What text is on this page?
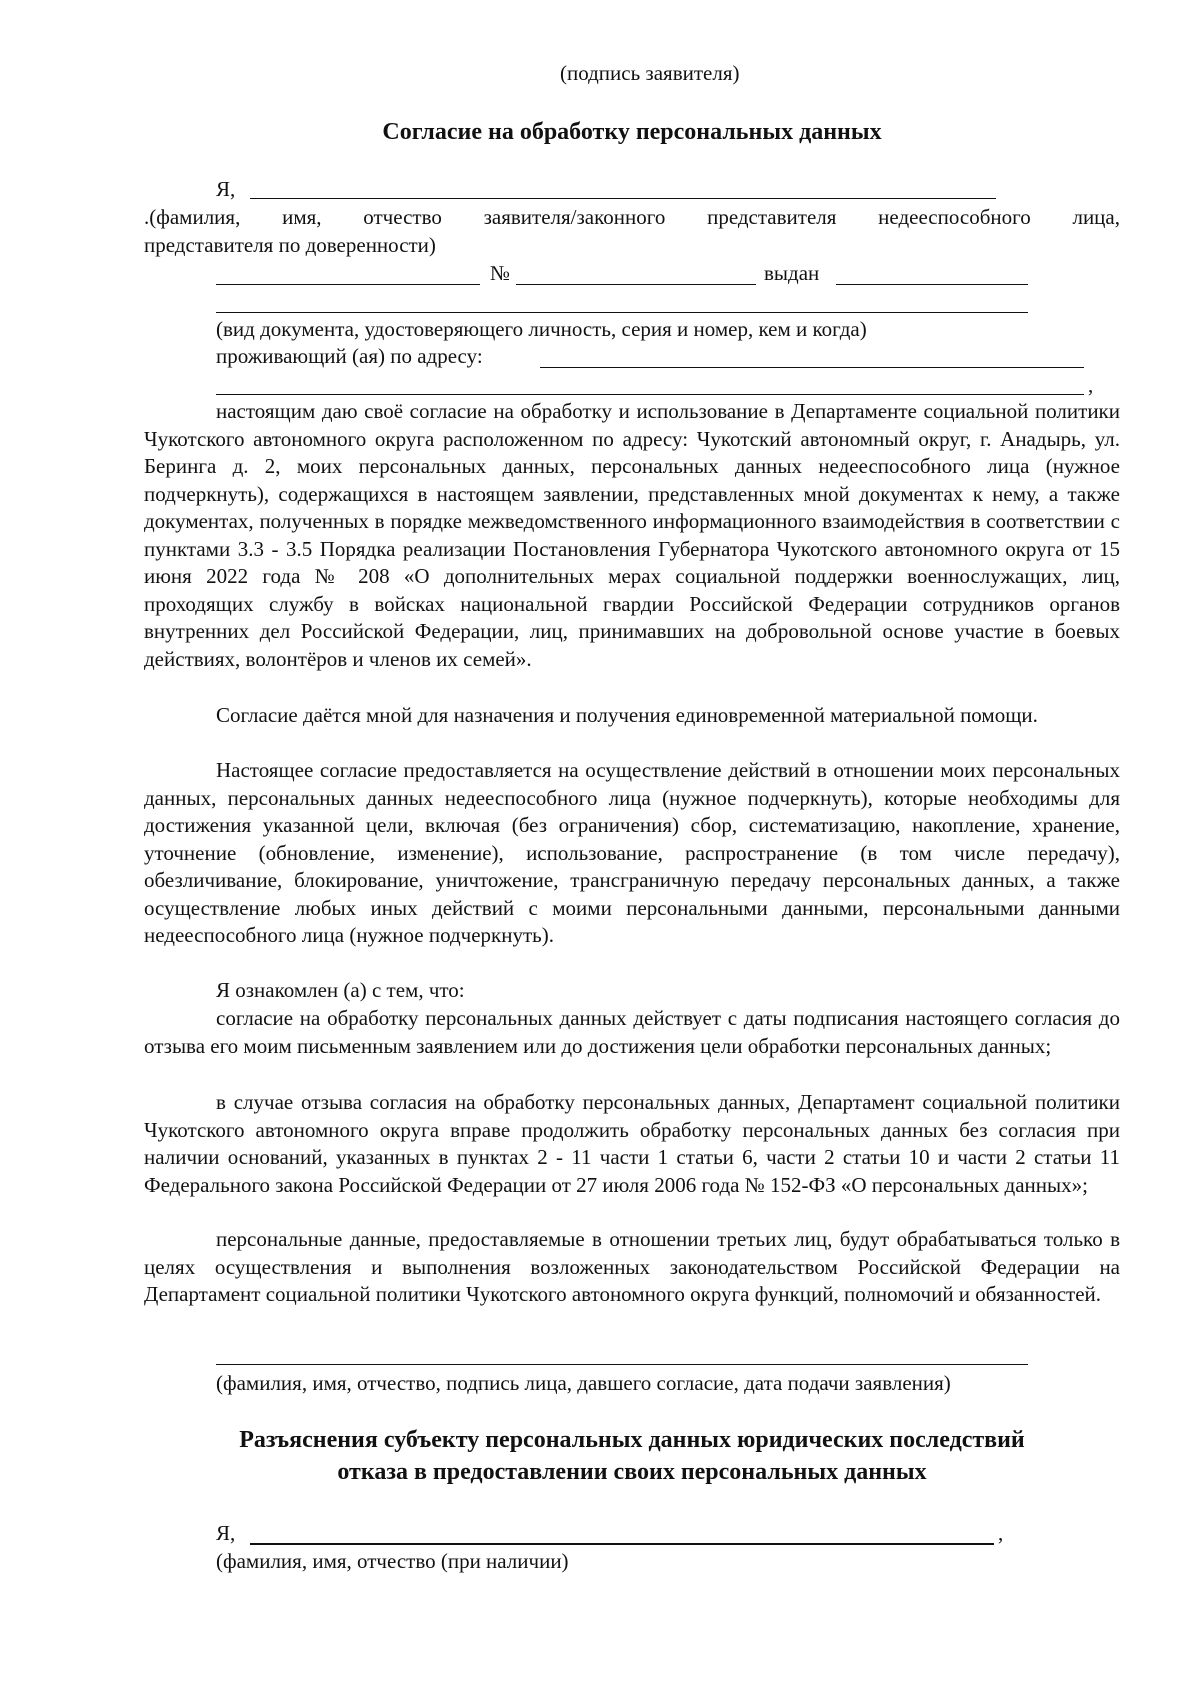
(подпись заявителя)
Согласие на обработку персональных данных
Я,
.(фамилия, имя, отчество заявителя/законного представителя недееспособного лица,
представителя по доверенности)
№	выдан
(вид документа, удостоверяющего личность, серия и номер, кем и когда)
проживающий (ая) по адресу:
,
настоящим даю своё согласие на обработку и использование в Департаменте социальной политики Чукотского автономного округа расположенном по адресу: Чукотский автономный округ, г. Анадырь, ул. Беринга д. 2, моих персональных данных, персональных данных недееспособного лица (нужное подчеркнуть), содержащихся в настоящем заявлении, представленных мной документах к нему, а также документах, полученных в порядке межведомственного информационного взаимодействия в соответствии с пунктами 3.3 - 3.5 Порядка реализации Постановления Губернатора Чукотского автономного округа от 15 июня 2022 года № 208 «О дополнительных мерах социальной поддержки военнослужащих, лиц, проходящих службу в войсках национальной гвардии Российской Федерации сотрудников органов внутренних дел Российской Федерации, лиц, принимавших на добровольной основе участие в боевых действиях, волонтёров и членов их семей».
Согласие даётся мной для назначения и получения единовременной материальной помощи.
Настоящее согласие предоставляется на осуществление действий в отношении моих персональных данных, персональных данных недееспособного лица (нужное подчеркнуть), которые необходимы для достижения указанной цели, включая (без ограничения) сбор, систематизацию, накопление, хранение, уточнение (обновление, изменение), использование, распространение (в том числе передачу), обезличивание, блокирование, уничтожение, трансграничную передачу персональных данных, а также осуществление любых иных действий с моими персональными данными, персональными данными недееспособного лица (нужное подчеркнуть).
Я ознакомлен (а) с тем, что:
согласие на обработку персональных данных действует с даты подписания настоящего согласия до отзыва его моим письменным заявлением или до достижения цели обработки персональных данных;
в случае отзыва согласия на обработку персональных данных, Департамент социальной политики Чукотского автономного округа вправе продолжить обработку персональных данных без согласия при наличии оснований, указанных в пунктах 2 - 11 части 1 статьи 6, части 2 статьи 10 и части 2 статьи 11 Федерального закона Российской Федерации от 27 июля 2006 года № 152-ФЗ «О персональных данных»;
персональные данные, предоставляемые в отношении третьих лиц, будут обрабатываться только в целях осуществления и выполнения возложенных законодательством Российской Федерации на Департамент социальной политики Чукотского автономного округа функций, полномочий и обязанностей.
(фамилия, имя, отчество, подпись лица, давшего согласие, дата подачи заявления)
Разъяснения субъекту персональных данных юридических последствий
отказа в предоставлении своих персональных данных
Я,	,
(фамилия, имя, отчество (при наличии)
